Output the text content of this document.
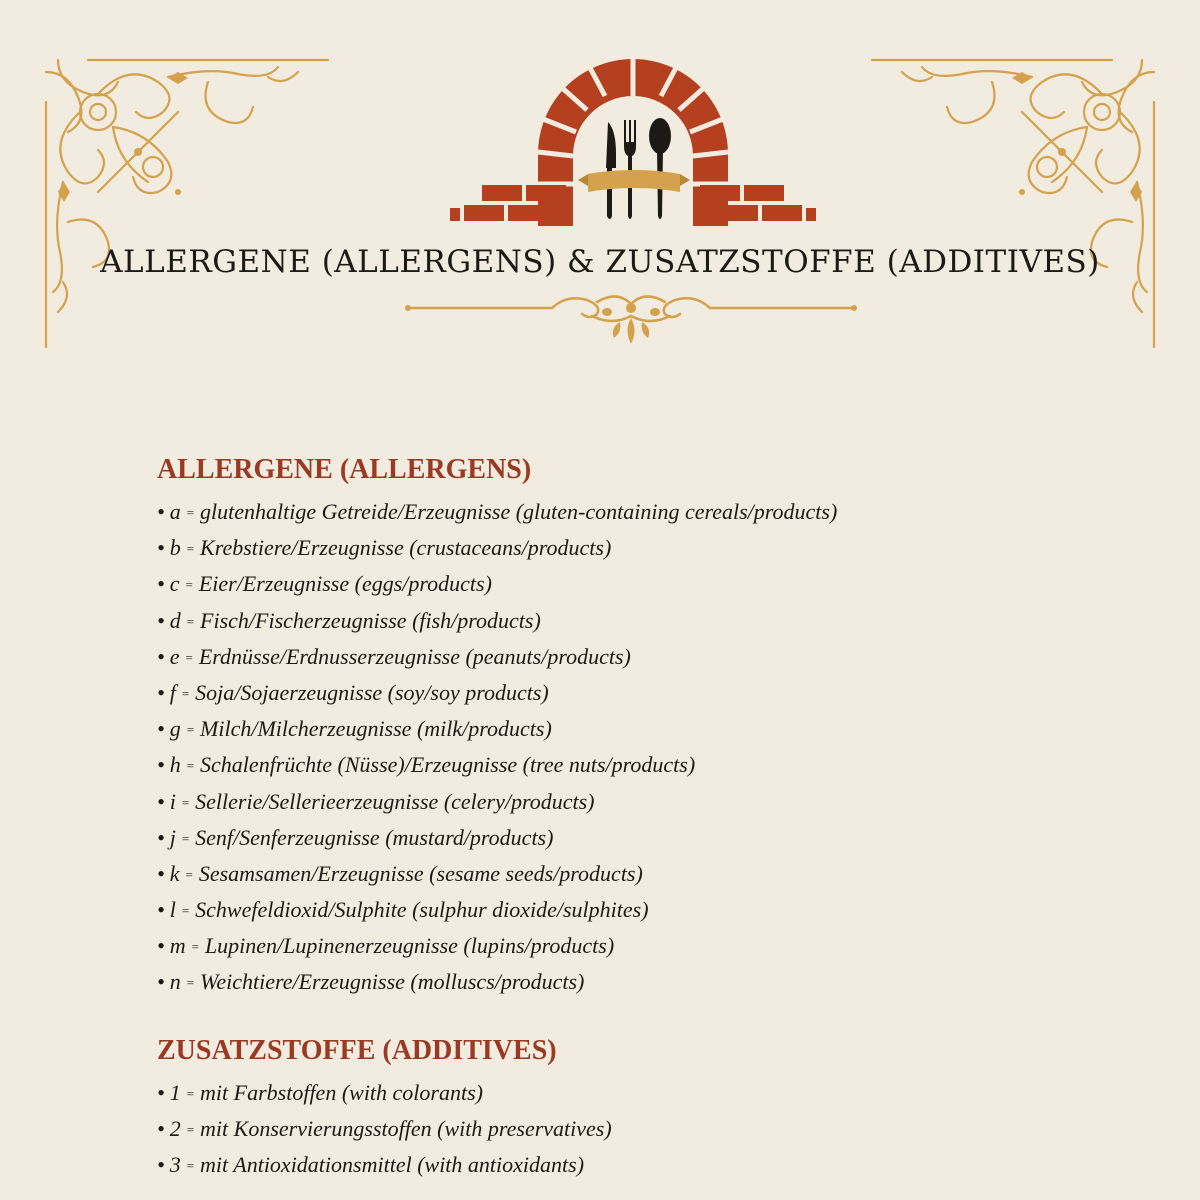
ALLERGENE (ALLERGENS) & ZUSATZSTOFFE (ADDITIVES)
ALLERGENE (ALLERGENS)
• a = glutenhaltige Getreide/Erzeugnisse (gluten-containing cereals/products)
• b = Krebstiere/Erzeugnisse (crustaceans/products)
• c = Eier/Erzeugnisse (eggs/products)
• d = Fisch/Fischerzeugnisse (fish/products)
• e = Erdnüsse/Erdnusserzeugnisse (peanuts/products)
• f = Soja/Sojaerzeugnisse (soy/soy products)
• g = Milch/Milcherzeugnisse (milk/products)
• h = Schalenfrüchte (Nüsse)/Erzeugnisse (tree nuts/products)
• i = Sellerie/Sellerieerzeugnisse (celery/products)
• j = Senf/Senferzeugnisse (mustard/products)
• k = Sesamsamen/Erzeugnisse (sesame seeds/products)
• l = Schwefeldioxid/Sulphite (sulphur dioxide/sulphites)
• m = Lupinen/Lupinenerzeugnisse (lupins/products)
• n = Weichtiere/Erzeugnisse (molluscs/products)
ZUSATZSTOFFE (ADDITIVES)
• 1 = mit Farbstoffen (with colorants)
• 2 = mit Konservierungsstoffen (with preservatives)
• 3 = mit Antioxidationsmittel (with antioxidants)
